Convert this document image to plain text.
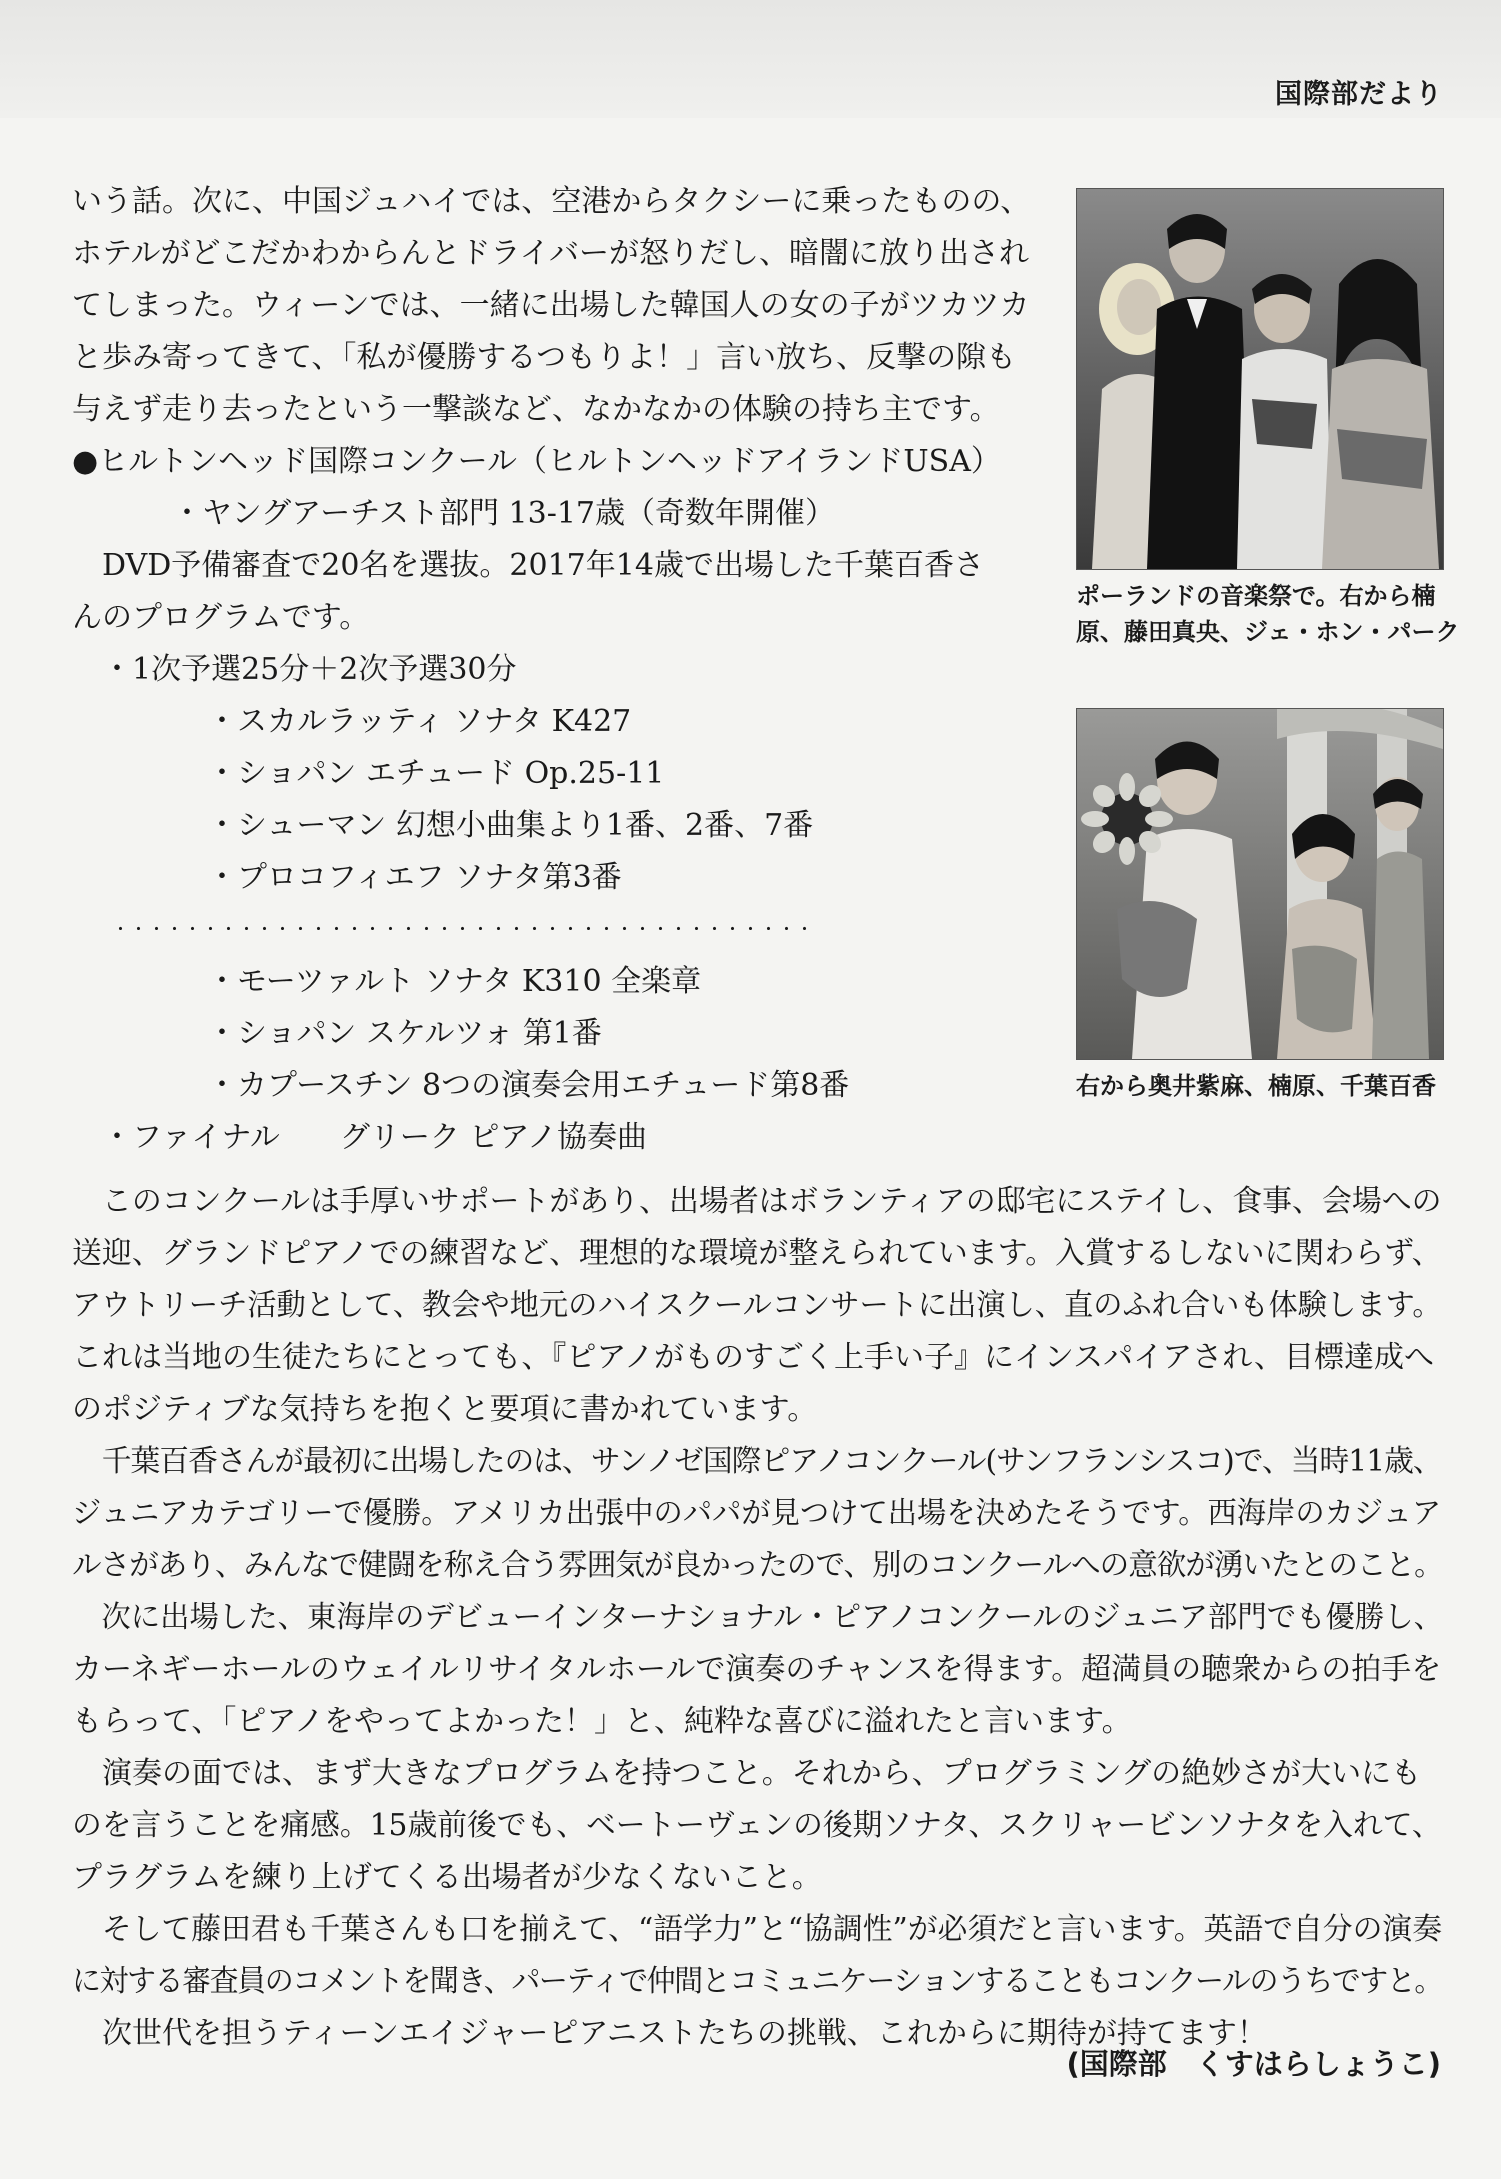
国際部だより

いう話。次に、中国ジュハイでは、空港からタクシーに乗ったものの、

ホテルがどこだかわからんとドライバーが怒りだし、暗闇に放り出され

てしまった。ウィーンでは、一緒に出場した韓国人の女の子がツカツカ

と歩み寄ってきて、「私が優勝するつもりよ！」言い放ち、反撃の隙も

与えず走り去ったという一撃談など、なかなかの体験の持ち主です。

●ヒルトンヘッド国際コンクール（ヒルトンヘッドアイランドUSA）

・ヤングアーチスト部門 13-17歳（奇数年開催）

DVD予備審査で20名を選抜。2017年14歳で出場した千葉百香さ

んのプログラムです。

・1次予選25分＋2次予選30分

・スカルラッティ ソナタ K427

・ショパン エチュード Op.25-11

・シューマン 幻想小曲集より1番、2番、7番

・プロコフィエフ ソナタ第3番

・・・・・・・・・・・・・・・・・・・・・・・・・・・・・・・・・・・・・・・

・モーツァルト ソナタ K310 全楽章

・ショパン スケルツォ 第1番

・カプースチン 8つの演奏会用エチュード第8番

・ファイナル　　グリーク ピアノ協奏曲

ポーランドの音楽祭で。右から楠
原、藤田真央、ジェ・ホン・パーク
右から奥井紫麻、楠原、千葉百香

このコンクールは手厚いサポートがあり、出場者はボランティアの邸宅にステイし、食事、会場への

送迎、グランドピアノでの練習など、理想的な環境が整えられています。入賞するしないに関わらず、

アウトリーチ活動として、教会や地元のハイスクールコンサートに出演し、直のふれ合いも体験します。

これは当地の生徒たちにとっても、『ピアノがものすごく上手い子』にインスパイアされ、目標達成へ

のポジティブな気持ちを抱くと要項に書かれています。

千葉百香さんが最初に出場したのは、サンノゼ国際ピアノコンクール(サンフランシスコ)で、当時11歳、

ジュニアカテゴリーで優勝。アメリカ出張中のパパが見つけて出場を決めたそうです。西海岸のカジュア

ルさがあり、みんなで健闘を称え合う雰囲気が良かったので、別のコンクールへの意欲が湧いたとのこと。

次に出場した、東海岸のデビューインターナショナル・ピアノコンクールのジュニア部門でも優勝し、

カーネギーホールのウェイルリサイタルホールで演奏のチャンスを得ます。超満員の聴衆からの拍手を

もらって、「ピアノをやってよかった！」と、純粋な喜びに溢れたと言います。

演奏の面では、まず大きなプログラムを持つこと。それから、プログラミングの絶妙さが大いにも

のを言うことを痛感。15歳前後でも、ベートーヴェンの後期ソナタ、スクリャービンソナタを入れて、

プラグラムを練り上げてくる出場者が少なくないこと。

そして藤田君も千葉さんも口を揃えて、“語学力”と“協調性”が必須だと言います。英語で自分の演奏

に対する審査員のコメントを聞き、パーティで仲間とコミュニケーションすることもコンクールのうちですと。

次世代を担うティーンエイジャーピアニストたちの挑戦、これからに期待が持てます！

(国際部　くすはらしょうこ)
